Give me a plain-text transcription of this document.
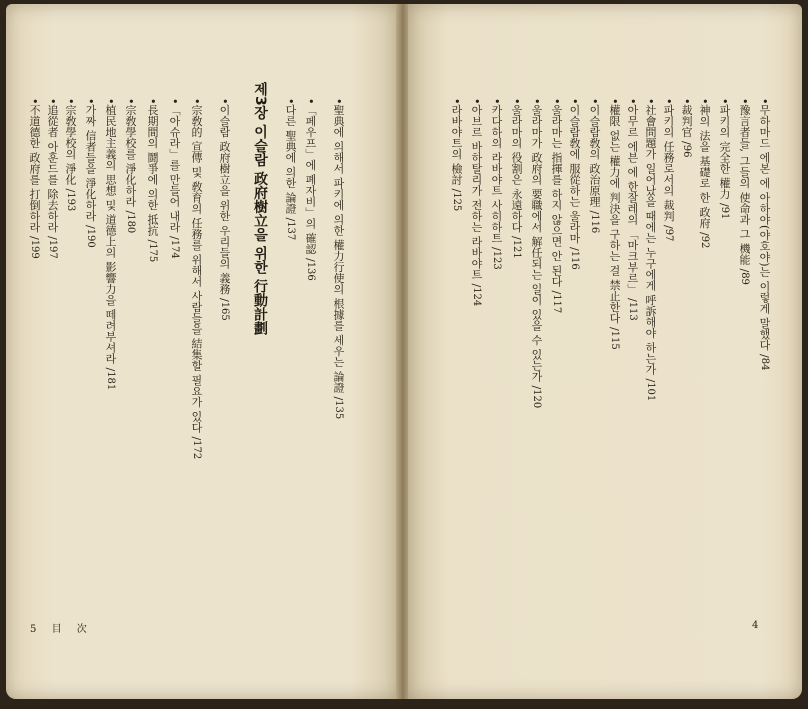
•聖典에 의해서 파키에 의한 權力行使의 根據를 세우는 論證 /135
•「페우프」에 폐자비」의 確認 /136
•다른 聖典에 의한 論證 /137
제3장 이슬람 政府樹立을 위한 行動計劃
•이슬람 政府樹立을 위한 우리들의 義務 /165
•宗敎的 宣傳 및 敎育의 任務를 위해서 사람들을 結集할 필요가 있다 /172
•「아슈라」를 만들어 내라 /174
•長期間의 鬪爭에 의한 抵抗 /175
•宗敎學校를 淨化하라 /180
•植民地主義의 思想 및 道德上의 影響力을 떼려부셔라 /181
•가짜 信者들을 淨化하라 /190
•宗敎學校의 淨化 /193
•追從者 아훈드를 除去하라 /197
•不道德한 政府를 打倒하라 /199
5 目 次
•무하마드 에본 에 아하야(야호야)는 이렇게 말했다 /84
•豫言者들, 그들의 使命과 그 機能 /89
•파키의 完全한 權力 /91
•神의 法을 基礎로 한 政府 /92
•裁判官 /96
•파키의 任務로서의 裁判 /97
•社會問題가 일어났을 때에는 누구에게 呼訴해야 하는가 /101
•아무르 에븐 에 한잘레의 「마크부르」 /113
•權限 없는 權力에 判決을 구하는 걸 禁止한다 /115
•이슬람敎의 政治原理 /116
•이슬람敎에 服從하는 울라마 /116
•울라마는 指揮를 하지 않으면 안 된다 /117
•울라마가 政府의 要職에서 解任되는 일이 있을 수 있는가 /120
•울라마의 役割은 永遠하다 /121
•카다하의 라바야트 사히하트 /123
•아브르 바하탈리가 전하는 라바야트 /124
•라바야트의 檢討 /125
4
